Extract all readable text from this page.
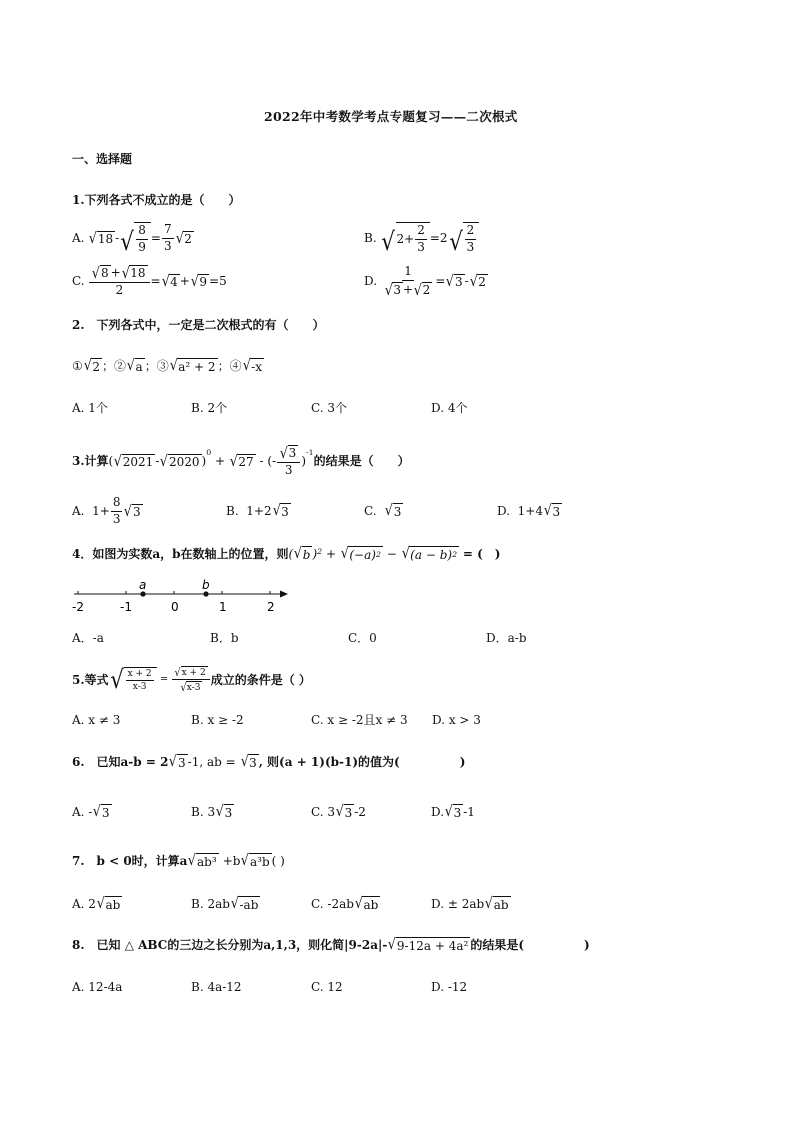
2022年中考数学考点专题复习——二次根式
一、选择题
1.下列各式不成立的是（　　）
A.
√ 18 - √ $\frac{8}{9} = \frac{7}{3}$ √ 2	B.
√ $2 + \frac{2}{3} =2$ √ $\frac{2}{3}$
C.
$\frac{√ 8 + √ 18}{2}$ = √ 4 + √ 9 =5	D.
$\frac{1}{√ 3 + √ 2}$ = √ 3 - √ 2
2.　下列各式中，一定是二次根式的有（　　）
① √ 2 ；② √ a ；③ √ a² + 2 ；④ √ -x
A. 1个	B. 2个	C. 3个	D. 4个
3.计算 ( √ 2021 - √ 2020 )
$^0$
+ √ 27 - (- $\frac{√ 3}{3}$ )
$^{-1}$
的结果是（　　）
A.
$1+ \frac{8}{3}$ √ 3	B.
1+2 √ 3	C.
√ 3	D.
1+4 √ 3
4．如图为实数a，b在数轴上的位置，则 ( √ b ) 2 + √ (−a) 2 − √ (a − b) 2
= (　)
a	b
-2	-1	0	1	2
A．-a	B．b	C．0	D．a-b
5.等式 √ $\frac{x + 2}{x-3}$
=
$\frac{√ x + 2}{√ x-3}$ 成立的条件是（ ）
A. x ≠ 3	B. x ≥ -2	C. x ≥ -2且x ≠ 3 D. x > 3
6.　已知a-b = 2 √ 3 -1, ab =
√ 3 , 则(a + 1)(b-1)的值为(　　　　　)
A. - √ 3	B. 3 √ 3	C. 3 √ 3 -2	D. √ 3 -1
7.　b < 0时，计算a √ ab³ +b √ a³b ( )
A. 2 √ ab	B. 2ab √ -ab	C. -2ab √ ab	D. ± 2ab √ ab
8.　已知 △ ABC的三边之长分别为a,1,3，则化简|9-2a|- √ 9-12a + 4a² 的结果是(　　　　　)
A. 12-4a	B. 4a-12	C. 12	D. -12
